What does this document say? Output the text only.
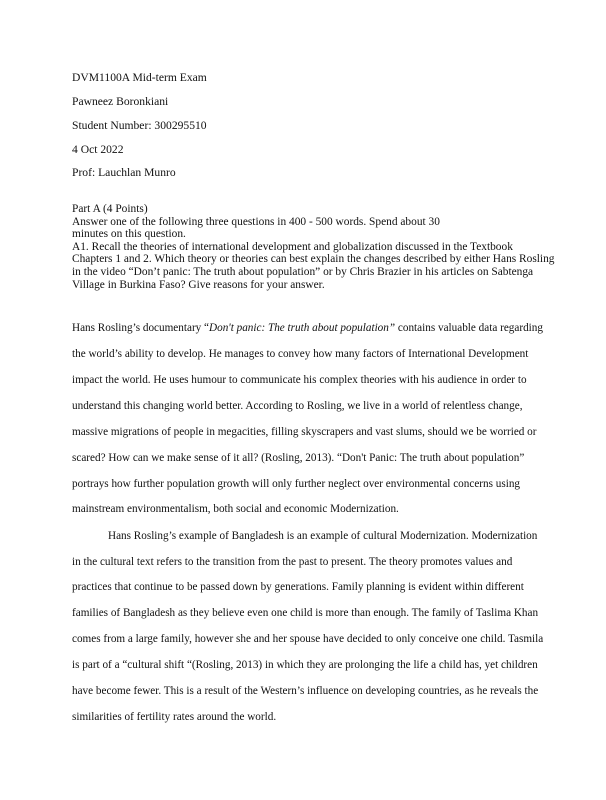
DVM1100A Mid-term Exam
Pawneez Boronkiani
Student Number: 300295510
4 Oct 2022
Prof: Lauchlan Munro
Part A (4 Points)
Answer one of the following three questions in 400 - 500 words. Spend about 30
minutes on this question.
A1. Recall the theories of international development and globalization discussed in the Textbook
Chapters 1 and 2. Which theory or theories can best explain the changes described by either Hans Rosling
in the video “Don’t panic: The truth about population” or by Chris Brazier in his articles on Sabtenga
Village in Burkina Faso? Give reasons for your answer.
Hans Rosling’s documentary “Don't panic: The truth about population” contains valuable data regarding
the world’s ability to develop. He manages to convey how many factors of International Development
impact the world. He uses humour to communicate his complex theories with his audience in order to
understand this changing world better. According to Rosling, we live in a world of relentless change,
massive migrations of people in megacities, filling skyscrapers and vast slums, should we be worried or
scared? How can we make sense of it all? (Rosling, 2013). “Don't Panic: The truth about population”
portrays how further population growth will only further neglect over environmental concerns using
mainstream environmentalism, both social and economic Modernization.
Hans Rosling’s example of Bangladesh is an example of cultural Modernization. Modernization
in the cultural text refers to the transition from the past to present. The theory promotes values and
practices that continue to be passed down by generations. Family planning is evident within different
families of Bangladesh as they believe even one child is more than enough. The family of Taslima Khan
comes from a large family, however she and her spouse have decided to only conceive one child. Tasmila
is part of a “cultural shift “(Rosling, 2013) in which they are prolonging the life a child has, yet children
have become fewer. This is a result of the Western’s influence on developing countries, as he reveals the
similarities of fertility rates around the world.
